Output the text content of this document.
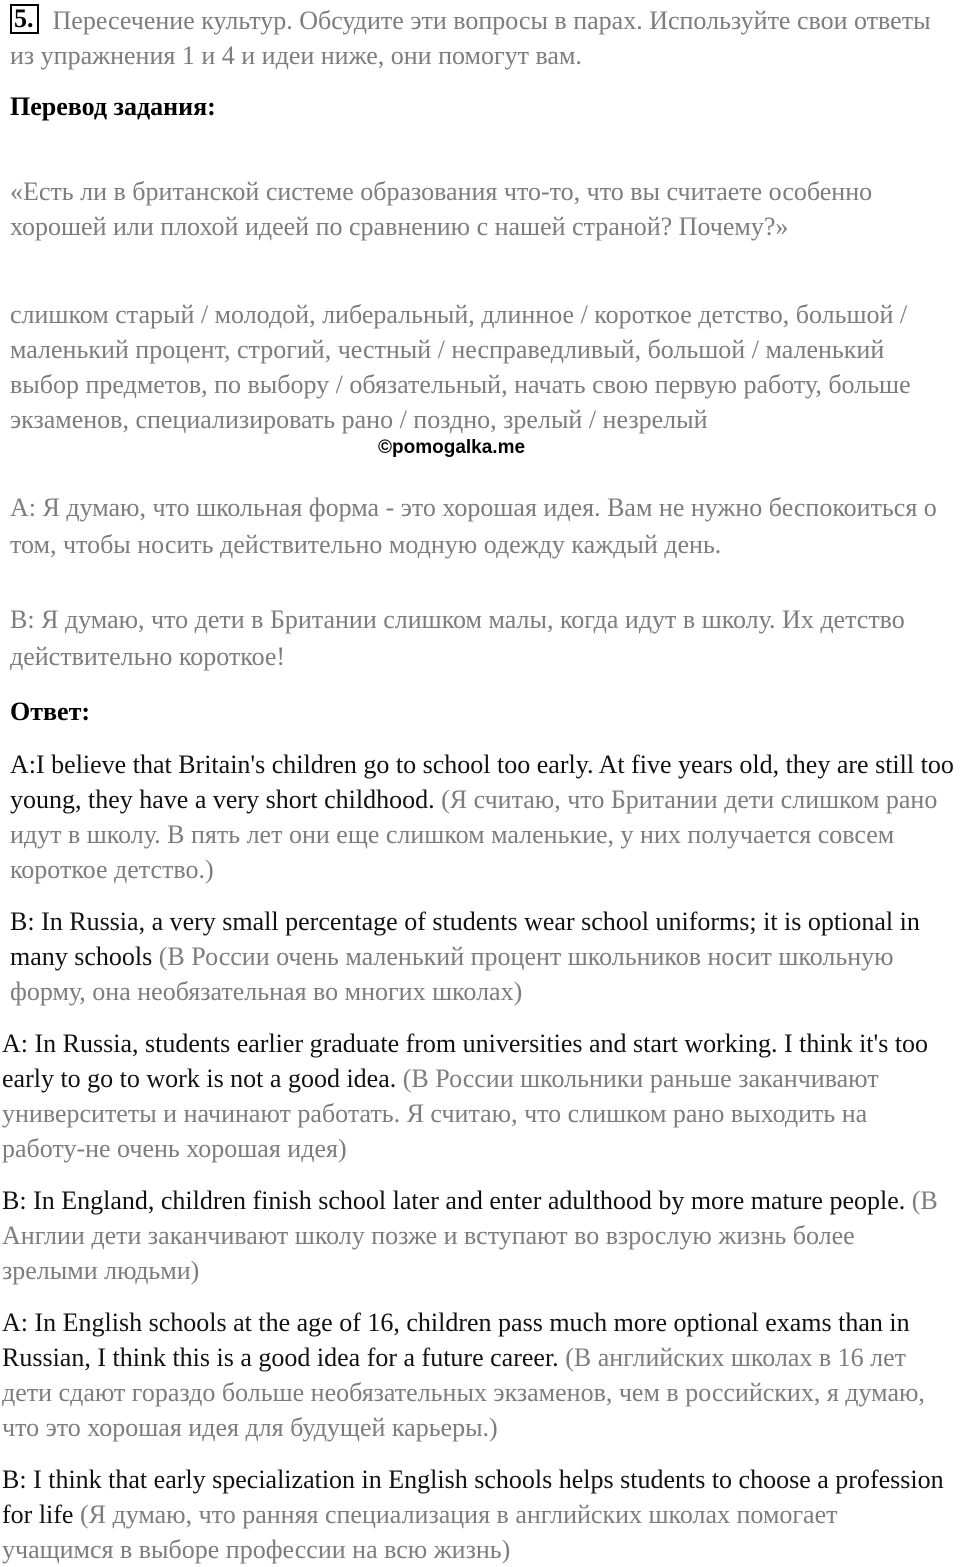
5. Пересечение культур. Обсудите эти вопросы в парах. Используйте свои ответы из упражнения 1 и 4 и идеи ниже, они помогут вам.

Перевод задания:

«Есть ли в британской системе образования что-то, что вы считаете особенно хорошей или плохой идеей по сравнению с нашей страной? Почему?»

слишком старый / молодой, либеральный, длинное / короткое детство, большой / маленький процент, строгий, честный / несправедливый, большой / маленький выбор предметов, по выбору / обязательный, начать свою первую работу, больше экзаменов, специализировать рано / поздно, зрелый / незрелый

©pomogalka.me

A: Я думаю, что школьная форма - это хорошая идея. Вам не нужно беспокоиться о том, чтобы носить действительно модную одежду каждый день.

B: Я думаю, что дети в Британии слишком малы, когда идут в школу. Их детство действительно короткое!

Ответ:

A:I believe that Britain's children go to school too early. At five years old, they are still too young, they have a very short childhood. (Я считаю, что Британии дети слишком рано идут в школу. В пять лет они еще слишком маленькие, у них получается совсем короткое детство.)

B: In Russia, a very small percentage of students wear school uniforms; it is optional in many schools (В России очень маленький процент школьников носит школьную форму, она необязательная во многих школах)

A: In Russia, students earlier graduate from universities and start working. I think it's too early to go to work is not a good idea. (В России школьники раньше заканчивают университеты и начинают работать. Я считаю, что слишком рано выходить на работу-не очень хорошая идея)

B: In England, children finish school later and enter adulthood by more mature people. (В Англии дети заканчивают школу позже и вступают во взрослую жизнь более зрелыми людьми)

A: In English schools at the age of 16, children pass much more optional exams than in Russian, I think this is a good idea for a future career. (В английских школах в 16 лет дети сдают гораздо больше необязательных экзаменов, чем в российских, я думаю, что это хорошая идея для будущей карьеры.)

B: I think that early specialization in English schools helps students to choose a profession for life (Я думаю, что ранняя специализация в английских школах помогает учащимся в выборе профессии на всю жизнь)
